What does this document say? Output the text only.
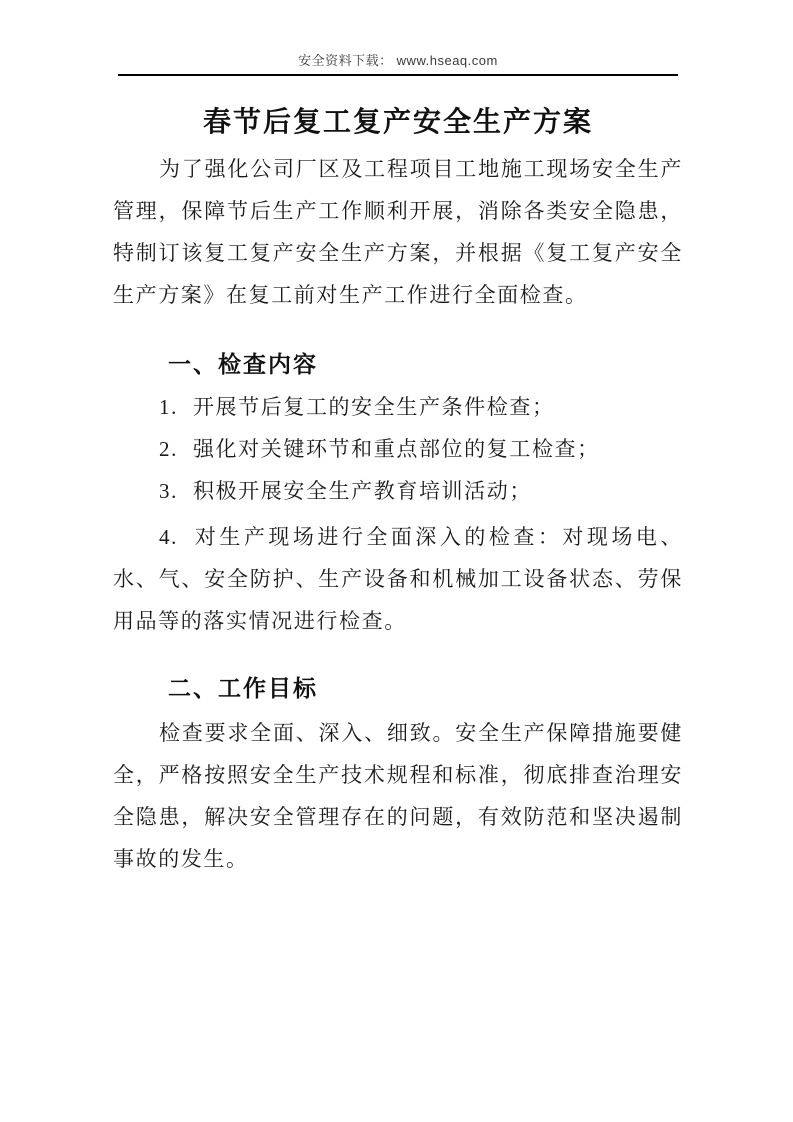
安全资料下载： www.hseaq.com
春节后复工复产安全生产方案

为了强化公司厂区及工程项目工地施工现场安全生产管理，保障节后生产工作顺利开展，消除各类安全隐患，特制订该复工复产安全生产方案，并根据《复工复产安全生产方案》在复工前对生产工作进行全面检查。

一、检查内容

1. 开展节后复工的安全生产条件检查；

2. 强化对关键环节和重点部位的复工检查；

3. 积极开展安全生产教育培训活动；

4. 对生产现场进行全面深入的检查：对现场电、水、气、安全防护、生产设备和机械加工设备状态、劳保用品等的落实情况进行检查。

二、工作目标

检查要求全面、深入、细致。安全生产保障措施要健全，严格按照安全生产技术规程和标准，彻底排查治理安全隐患，解决安全管理存在的问题，有效防范和坚决遏制事故的发生。
